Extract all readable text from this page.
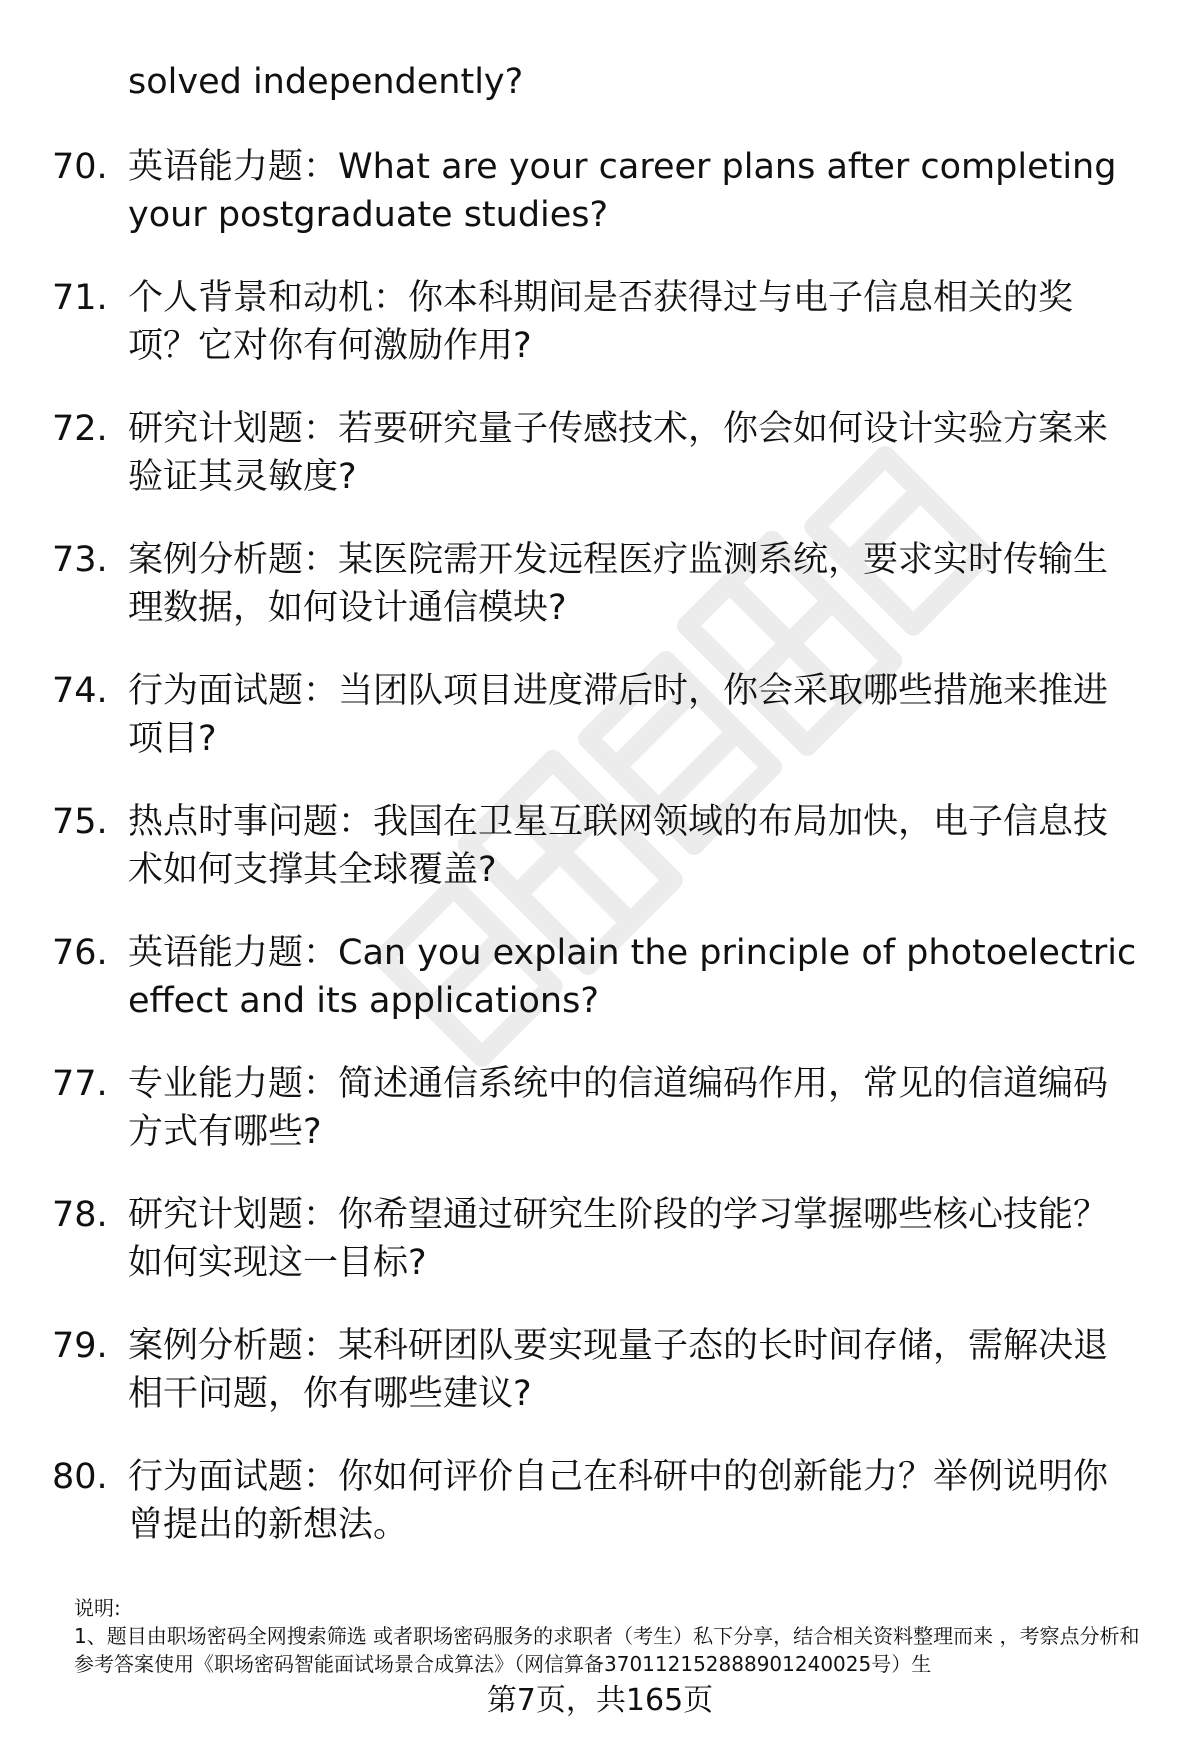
solved independently?
70. 英语能力题：What are your career plans after completing your postgraduate studies?
71. 个人背景和动机：你本科期间是否获得过与电子信息相关的奖项？它对你有何激励作用?
72. 研究计划题：若要研究量子传感技术，你会如何设计实验方案来验证其灵敏度?
73. 案例分析题：某医院需开发远程医疗监测系统，要求实时传输生理数据，如何设计通信模块?
74. 行为面试题：当团队项目进度滞后时，你会采取哪些措施来推进项目?
75. 热点时事问题：我国在卫星互联网领域的布局加快，电子信息技术如何支撑其全球覆盖?
76. 英语能力题：Can you explain the principle of photoelectric effect and its applications?
77. 专业能力题：简述通信系统中的信道编码作用，常见的信道编码方式有哪些?
78. 研究计划题：你希望通过研究生阶段的学习掌握哪些核心技能？如何实现这一目标?
79. 案例分析题：某科研团队要实现量子态的长时间存储，需解决退相干问题，你有哪些建议?
80. 行为面试题：你如何评价自己在科研中的创新能力？举例说明你曾提出的新想法。
说明:
1、题目由职场密码全网搜索筛选 或者职场密码服务的求职者（考生）私下分享，结合相关资料整理而来 ，考察点分析和参考答案使用《职场密码智能面试场景合成算法》（网信算备370112152888901240025号）生
第7页，共165页
